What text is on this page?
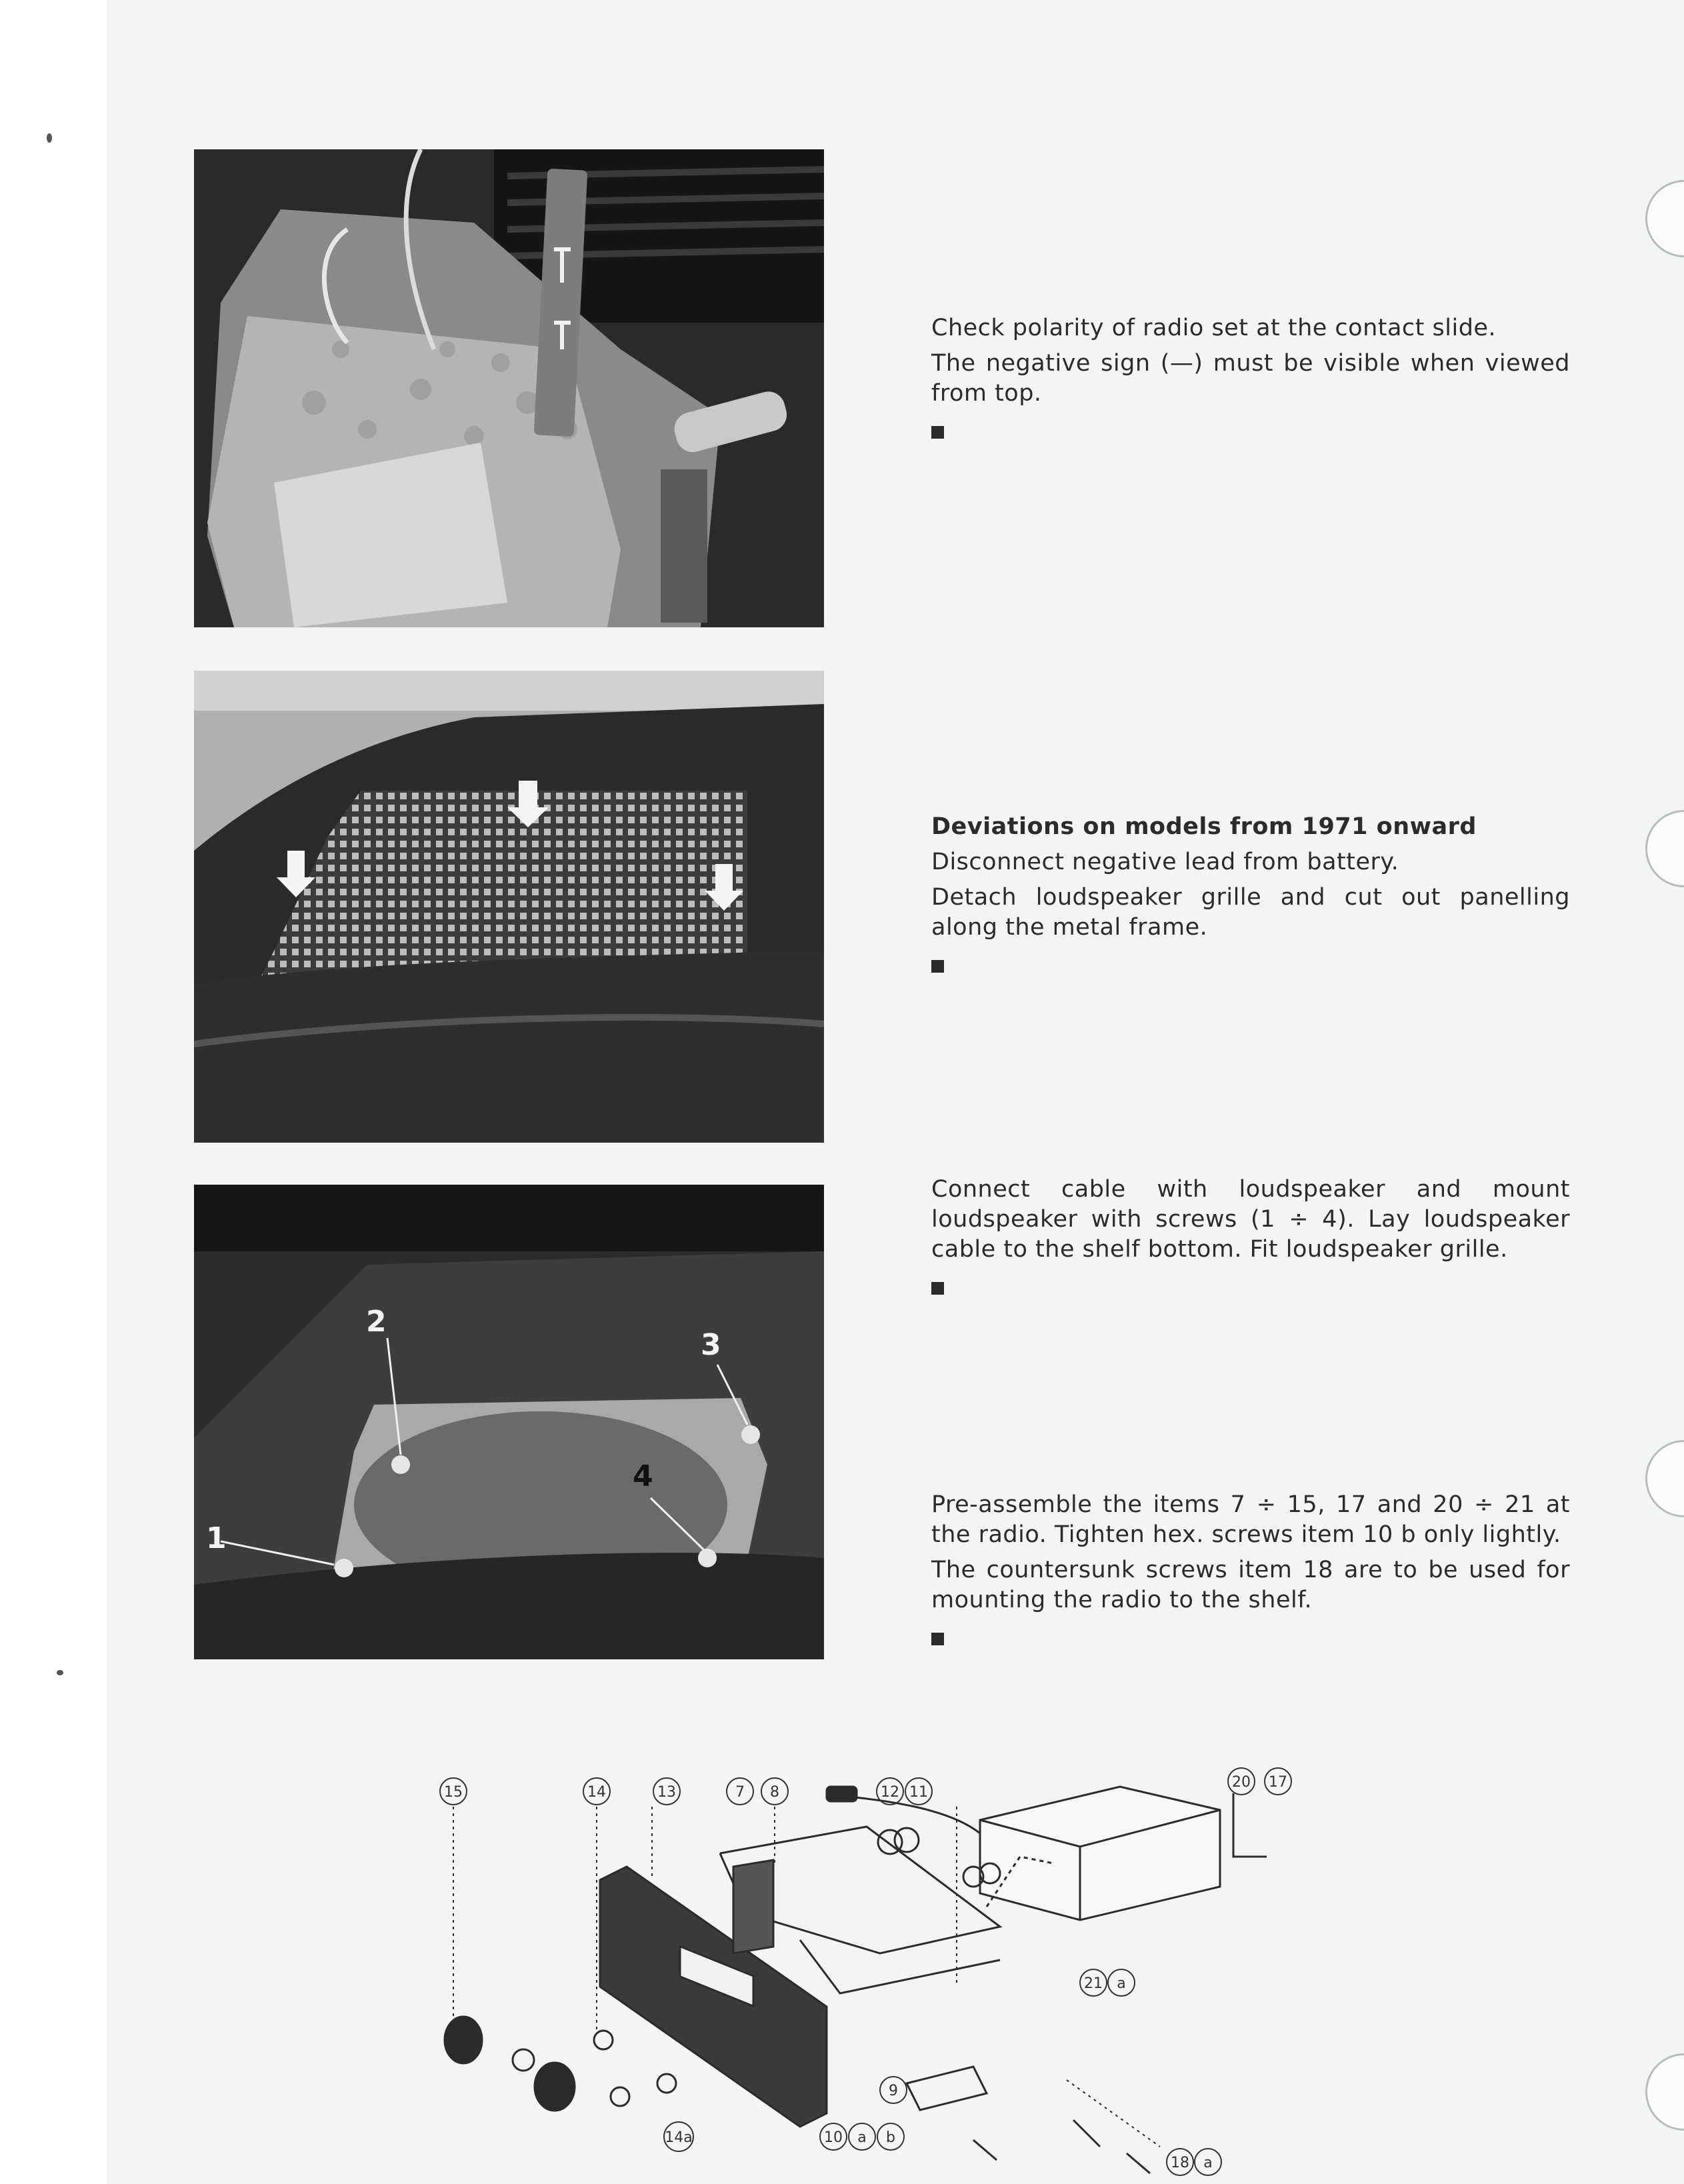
Check polarity of radio set at the contact slide.

The negative sign (—) must be visible when viewed from top.

Deviations on models from 1971 onward

Disconnect negative lead from battery.

Detach loudspeaker grille and cut out panelling along the metal frame.

2
3
4
1

Connect cable with loudspeaker and mount loudspeaker with screws (1 ÷ 4). Lay loudspeaker cable to the shelf bottom. Fit loudspeaker grille.

Pre-assemble the items 7 ÷ 15, 17 and 20 ÷ 21 at the radio. Tighten hex. screws item 10 b only lightly.

The countersunk screws item 18 are to be used for mounting the radio to the shelf.

15	14	13	7 8	12 11
20 17
21 a
9
14a	10 a b
18 a
